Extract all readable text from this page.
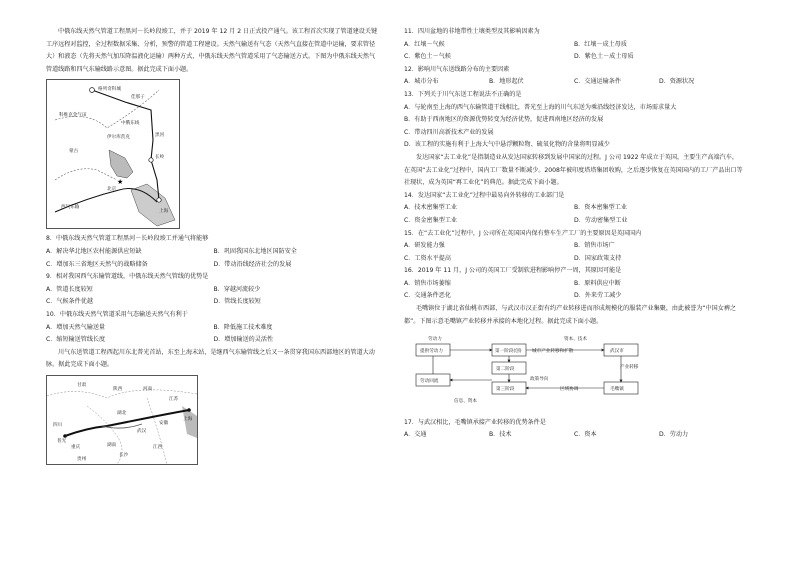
中俄东线天然气管道工程黑河－长岭段竣工，并于 2019 年 12 月 2 日正式投产通气。该工程首次实现了管道建设关键工序远程对监控，全过程数据采集、分析，预警的管道工程建设。天然气输送有气态（天然气直接在管道中运输，要求管径大）和液态（先将天然气加压降温液化运输）两种方式，中俄东线天然气管道采用了气态输送方式。下图为中俄东线天然气管道线路和四气东输线路示意图。据此完成下面小题。

★
格列奇科城
科维克金气田
佳那子
伊尔库茨克
蒙古
黑河
长岭
北京
上海
中俄东线
西气东输

8．中俄东线天然气管道工程黑河－长岭段竣工并通气将能够

A．解决华北地区农村能源供应短缺	B．巩固我国东北地区国防安全
C．增加东三省地区天然气的战略储备	D．带动沿线经济社会的发展

9．相对我国西气东输管道线，中俄东线天然气管线的优势是

A．管道长度较短	B．穿越河流较少
C．气候条件优越	D．管线长度较短

10．中俄东线天然气管道采用气态输送天然气有利于

A．增加天然气输送量	B．降低施工技术难度
C．缩短输送管线长度	D．增加输送的灵活性

川气东送管道工程西起川东北普光首站，东至上海末站，是继西气东输管线之后又一条贯穿我国东西部地区的管道大动脉。据此完成下面小题。

甘肃
陕西	河南
江苏
上海
四川
重庆
湖北
武汉
安徽
江西
长沙
湖南
贵州
普光

11．四川盆地的非地带性土壤类型及其影响因素为

A．红壤－气候	B．红壤－成土母质
C．紫色土－气候	D．紫色土－成土母质

12．影响川气东送线路分布的主要因素

A．城市分布	B．地形起伏	C．交通运输条件	D．资源状况

13．下列关于川气东送工程说法不正确的是

A．与轮南至上海的西气东输管道干线相比，普光至上海的川气东送为乘沿线经济发达，市场需求量大

B．有助于西南地区的资源优势转变为经济优势，促进西南地区经济的发展

C．带动四川高新技术产业的发展

D．该工程的实施有利于上海大气中悬浮颗粒物、硫氧化物的含量将明显减少

发达国家“去工业化”是指制造业从发达国家转移到发展中国家的过程。J 公司 1922 年成立于英国，主要生产高端汽车，在英国“去工业化”过程中，国内工厂数量不断减少。2008年被印度塔塔集团收购，之后逐步恢复在英国国内的工厂产品出口等社现状，成为英国“再工业化”的典范。据此完成下面小题。

14．发达国家“去工业化”过程中最易向外转移的工业部门是

A．技术密集型工业	B．资本密集型工业
C．资金密集型工业	D．劳动密集型工业

15．在“去工业化”过程中，J 公司所在英国国内保有整车生产工厂的主要原因是英国国内

A．研发能力强	B．销售市场广
C．工资水平提高	D．国家政策支持

16．2019 年 11 月，J 公司的英国工厂受制软进程影响停产一周，其原因可能是

A．销售市场萎缩	B．原料供应中断
C．交通条件恶化	D．外来劳工减少

毛嘴镇位于湖北省仙桃市西部，与武汉市汉正街有约产业转移进而形成规模化的服装产业集聚，由此被誉为“中国女裤之都”。下图示意毛嘴镇产业转移并承接的本地化过程。据此完成下面小题。

劳动力	资本、技术
提供劳动力	第一阶段(创) 城市产业转移和扩散	武汉市
劳动回流
第二阶段
第三阶段
产业转移
毛嘴镇
政策导向
区域协调
信息、资本

17．与武汉相比，毛嘴镇承接产业转移的优势条件是

A．交通	B．技术	C．资本	D．劳动力
